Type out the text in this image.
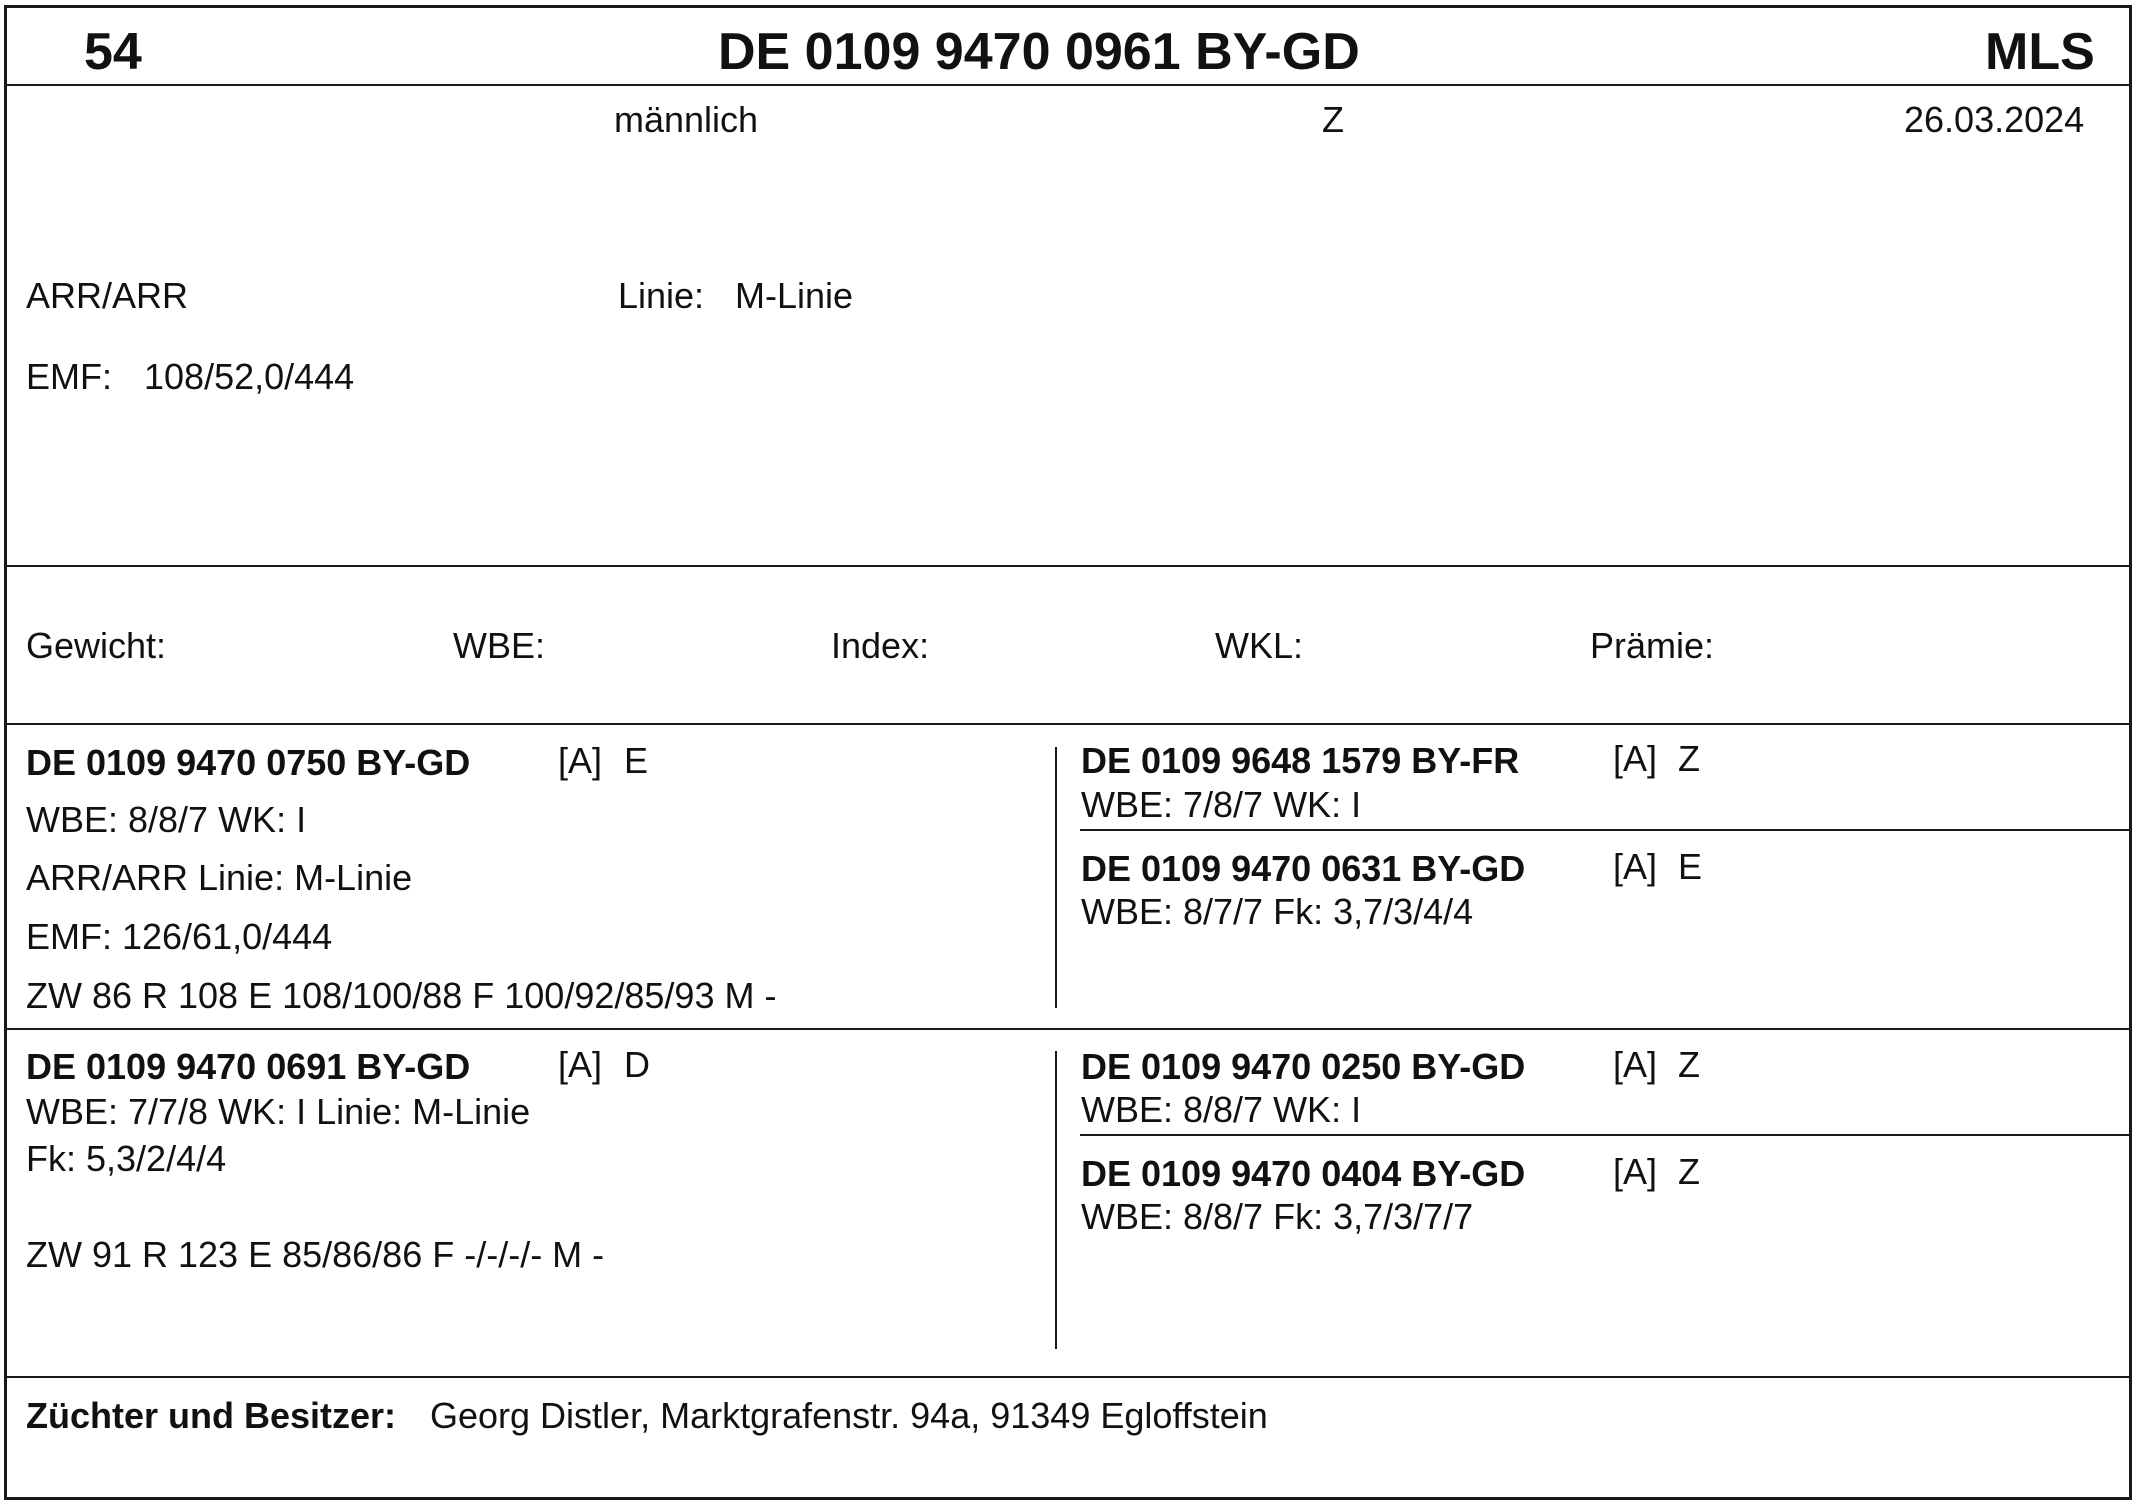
54	DE 0109 9470 0961 BY-GD	MLS
männlich	Z	26.03.2024
ARR/ARR	Linie: M-Linie
EMF: 108/52,0/444
Gewicht:	WBE:	Index:	WKL:	Prämie:
DE 0109 9470 0750 BY-GD [A] E
WBE: 8/8/7 WK: I
ARR/ARR Linie: M-Linie
EMF: 126/61,0/444
ZW 86 R 108 E 108/100/88 F 100/92/85/93 M -
DE 0109 9648 1579 BY-FR	[A] Z
WBE: 7/8/7 WK: I
DE 0109 9470 0631 BY-GD [A] E
WBE: 8/7/7 Fk: 3,7/3/4/4
DE 0109 9470 0691 BY-GD [A] D
WBE: 7/7/8 WK: I Linie: M-Linie
Fk: 5,3/2/4/4
ZW 91 R 123 E 85/86/86 F -/-/-/- M -
DE 0109 9470 0250 BY-GD [A] Z
WBE: 8/8/7 WK: I
DE 0109 9470 0404 BY-GD [A] Z
WBE: 8/8/7 Fk: 3,7/3/7/7
Züchter und Besitzer: Georg Distler, Marktgrafenstr. 94a, 91349 Egloffstein
